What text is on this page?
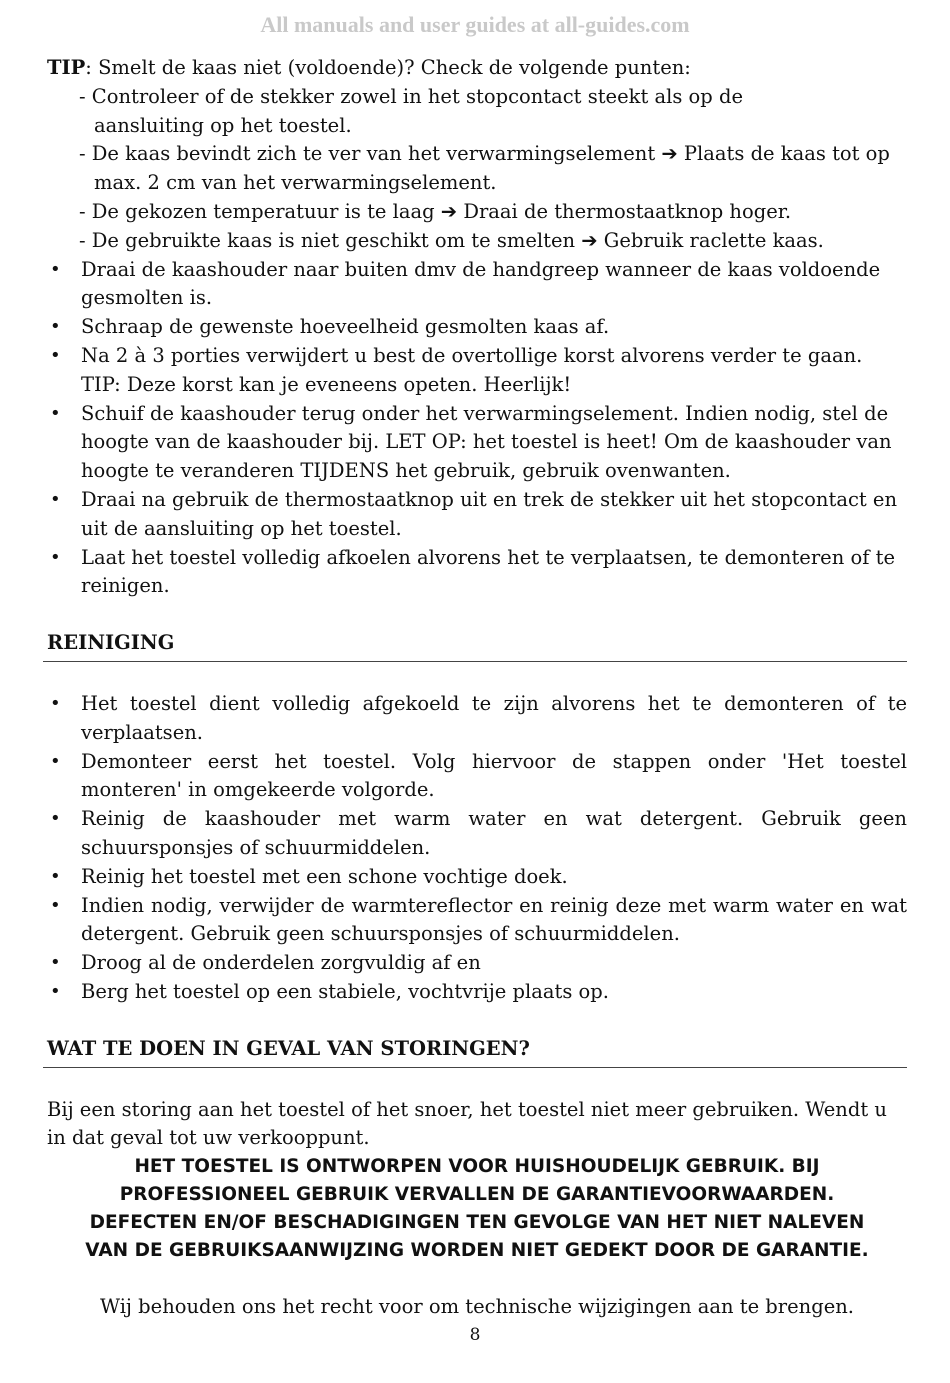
All manuals and user guides at all-guides.com
TIP: Smelt de kaas niet (voldoende)? Check de volgende punten:
- Controleer of de stekker zowel in het stopcontact steekt als op de
aansluiting op het toestel.
- De kaas bevindt zich te ver van het verwarmingselement ➔ Plaats de kaas tot op
max. 2 cm van het verwarmingselement.
- De gekozen temperatuur is te laag ➔ Draai de thermostaatknop hoger.
- De gebruikte kaas is niet geschikt om te smelten ➔ Gebruik raclette kaas.
• Draai de kaashouder naar buiten dmv de handgreep wanneer de kaas voldoende gesmolten is.
• Schraap de gewenste hoeveelheid gesmolten kaas af.
• Na 2 à 3 porties verwijdert u best de overtollige korst alvorens verder te gaan.
TIP: Deze korst kan je eveneens opeten. Heerlijk!
• Schuif de kaashouder terug onder het verwarmingselement. Indien nodig, stel de hoogte van de kaashouder bij. LET OP: het toestel is heet! Om de kaashouder van hoogte te veranderen TIJDENS het gebruik, gebruik ovenwanten.
• Draai na gebruik de thermostaatknop uit en trek de stekker uit het stopcontact en uit de aansluiting op het toestel.
• Laat het toestel volledig afkoelen alvorens het te verplaatsen, te demonteren of te reinigen.
REINIGING
• Het toestel dient volledig afgekoeld te zijn alvorens het te demonteren of te verplaatsen.
• Demonteer eerst het toestel. Volg hiervoor de stappen onder 'Het toestel monteren' in omgekeerde volgorde.
• Reinig de kaashouder met warm water en wat detergent. Gebruik geen schuursponsjes of schuurmiddelen.
• Reinig het toestel met een schone vochtige doek.
• Indien nodig, verwijder de warmtereflector en reinig deze met warm water en wat detergent. Gebruik geen schuursponsjes of schuurmiddelen.
• Droog al de onderdelen zorgvuldig af en
• Berg het toestel op een stabiele, vochtvrije plaats op.
WAT TE DOEN IN GEVAL VAN STORINGEN?
Bij een storing aan het toestel of het snoer, het toestel niet meer gebruiken. Wendt u in dat geval tot uw verkooppunt.
HET TOESTEL IS ONTWORPEN VOOR HUISHOUDELIJK GEBRUIK. BIJ
PROFESSIONEEL GEBRUIK VERVALLEN DE GARANTIEVOORWAARDEN.
DEFECTEN EN/OF BESCHADIGINGEN TEN GEVOLGE VAN HET NIET NALEVEN
VAN DE GEBRUIKSAANWIJZING WORDEN NIET GEDEKT DOOR DE GARANTIE.
Wij behouden ons het recht voor om technische wijzigingen aan te brengen.
8
